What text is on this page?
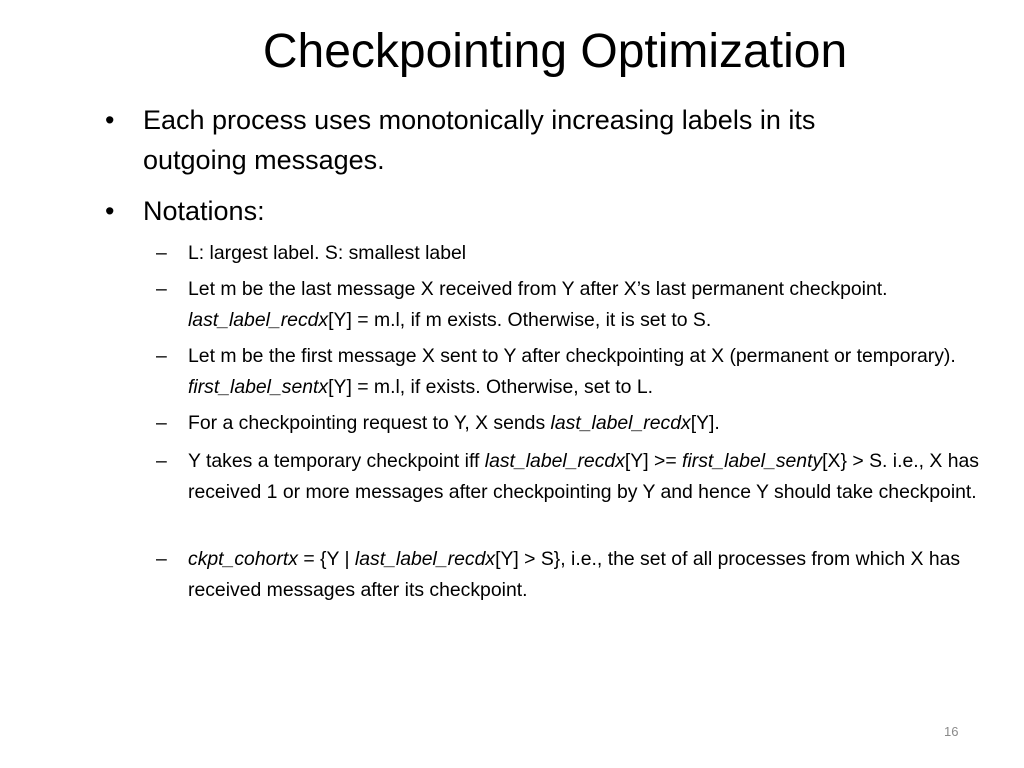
Checkpointing Optimization
• Each process uses monotonically increasing labels in its outgoing messages.
• Notations:
– L: largest label. S: smallest label
– Let m be the last message X received from Y after X’s last permanent checkpoint. last_label_recdx[Y] = m.l, if m exists. Otherwise, it is set to S.
– Let m be the first message X sent to Y after checkpointing at X (permanent or temporary). first_label_sentx[Y] = m.l, if exists. Otherwise, set to L.
– For a checkpointing request to Y, X sends last_label_recdx[Y].
– Y takes a temporary checkpoint iff last_label_recdx[Y] >= first_label_senty[X} > S. i.e., X has received 1 or more messages after checkpointing by Y and hence Y should take checkpoint.
– ckpt_cohortx = {Y | last_label_recdx[Y] > S}, i.e., the set of all processes from which X has received messages after its checkpoint.
16
